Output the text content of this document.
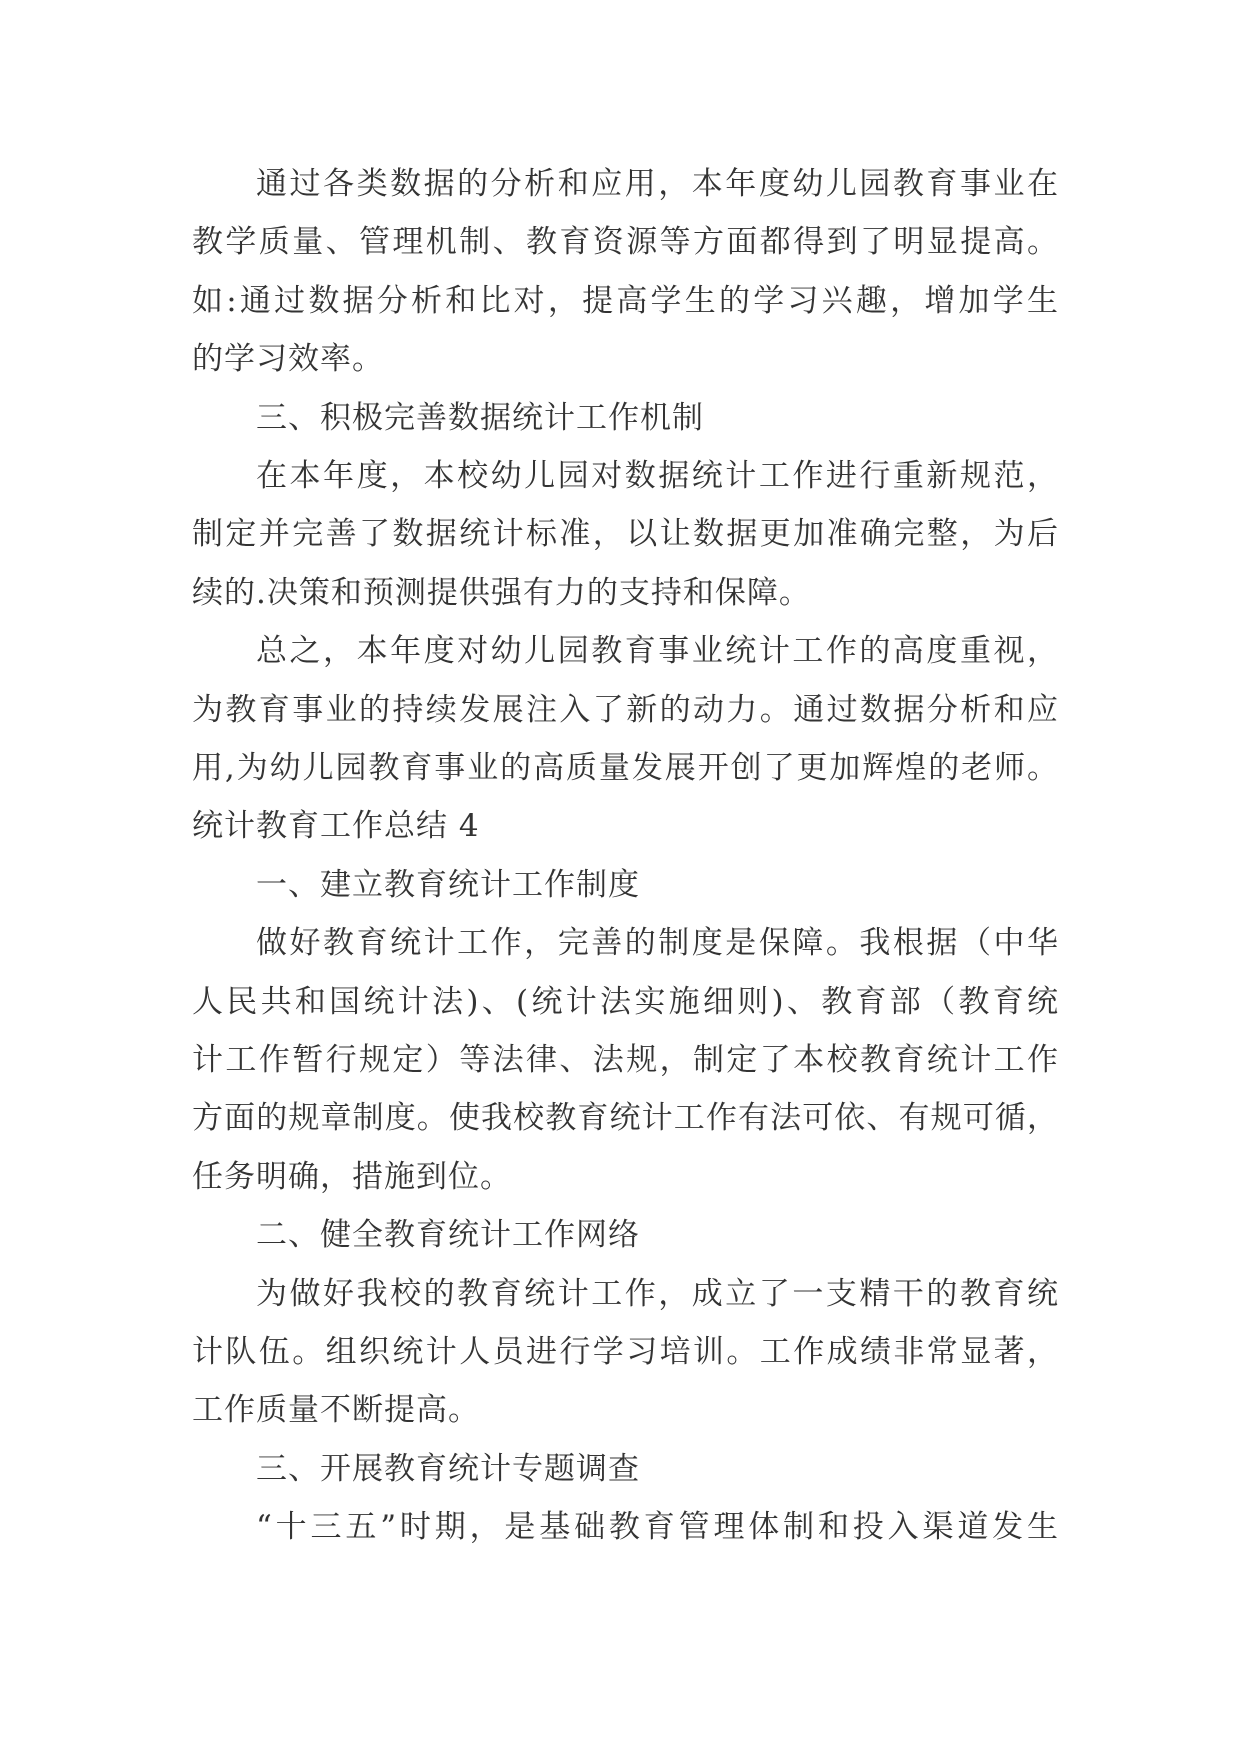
通过各类数据的分析和应用，本年度幼儿园教育事业在
教学质量、管理机制、教育资源等方面都得到了明显提高。
如:通过数据分析和比对，提高学生的学习兴趣，增加学生
的学习效率。
三、积极完善数据统计工作机制
在本年度，本校幼儿园对数据统计工作进行重新规范，
制定并完善了数据统计标准，以让数据更加准确完整，为后
续的.决策和预测提供强有力的支持和保障。
总之，本年度对幼儿园教育事业统计工作的高度重视，
为教育事业的持续发展注入了新的动力。通过数据分析和应
用,为幼儿园教育事业的高质量发展开创了更加辉煌的老师。
统计教育工作总结 4
一、建立教育统计工作制度
做好教育统计工作，完善的制度是保障。我根据（中华
人民共和国统计法)、(统计法实施细则)、教育部（教育统
计工作暂行规定）等法律、法规，制定了本校教育统计工作
方面的规章制度。使我校教育统计工作有法可依、有规可循，
任务明确，措施到位。
二、健全教育统计工作网络
为做好我校的教育统计工作，成立了一支精干的教育统
计队伍。组织统计人员进行学习培训。工作成绩非常显著，
工作质量不断提高。
三、开展教育统计专题调查
“十三五”时期，是基础教育管理体制和投入渠道发生
